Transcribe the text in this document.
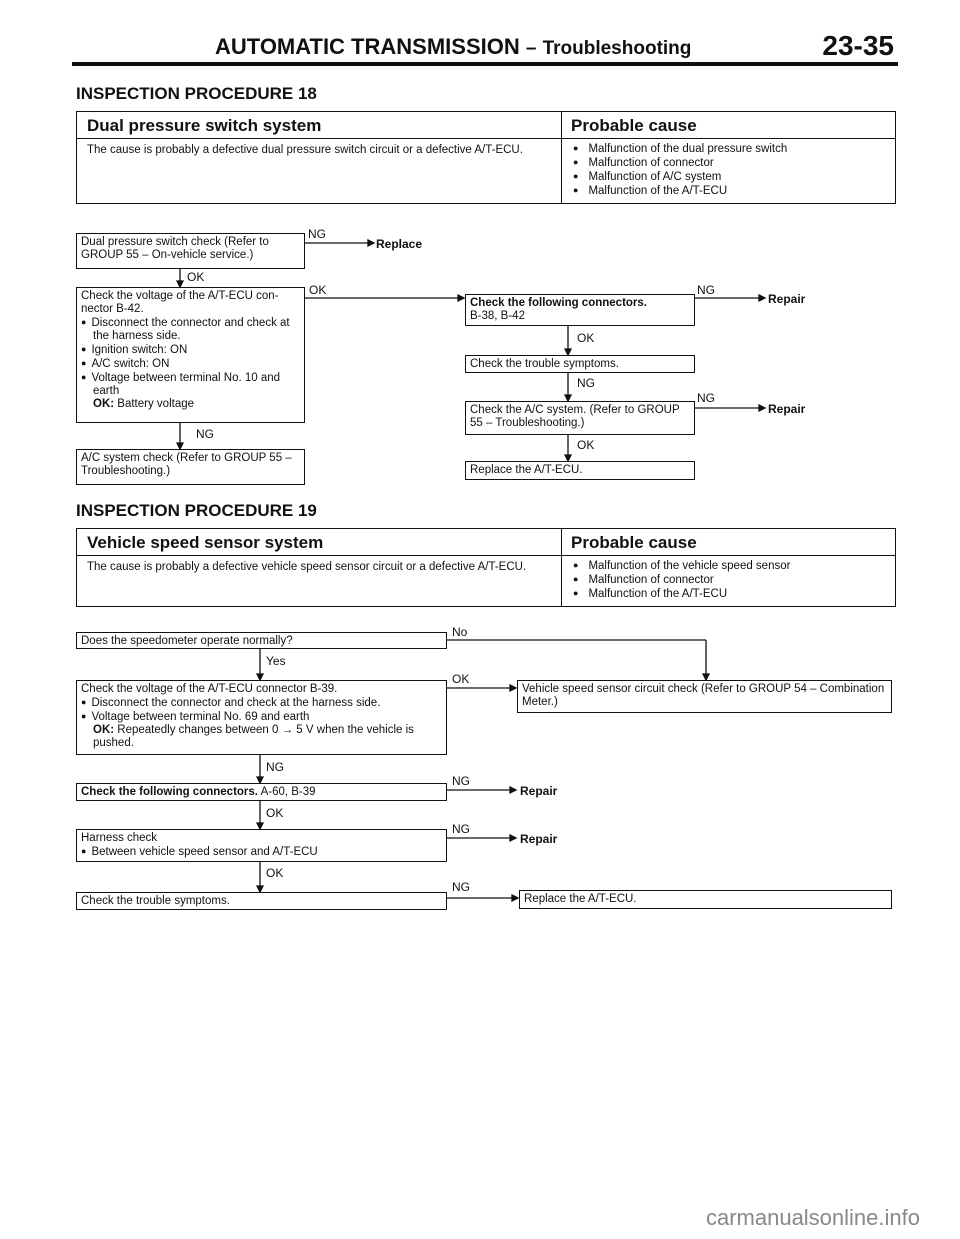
AUTOMATIC TRANSMISSION – Troubleshooting	23-35
INSPECTION PROCEDURE 18
Dual pressure switch system	Probable cause
The cause is probably a defective dual pressure switch circuit or a defective A/T-ECU.	● Malfunction of the dual pressure switch
● Malfunction of connector
● Malfunction of A/C system
● Malfunction of the A/T-ECU
Dual pressure switch check (Refer to GROUP 55 – On-vehicle service.)
Check the voltage of the A/T-ECU con-
nector B-42.
● Disconnect the connector and check at the harness side.
● Ignition switch: ON
● A/C switch: ON
● Voltage between terminal No. 10 and earth
OK: Battery voltage
A/C system check (Refer to GROUP 55 – Troubleshooting.)
Check the following connectors.
B-38, B-42
Check the trouble symptoms.
Check the A/C system. (Refer to GROUP 55 – Troubleshooting.)
Replace the A/T-ECU.
NG
Replace
OK
OK	NG
Repair
OK
NG
NG
Repair
NG
OK
INSPECTION PROCEDURE 19
Vehicle speed sensor system	Probable cause
The cause is probably a defective vehicle speed sensor circuit or a defective A/T-ECU.	● Malfunction of the vehicle speed sensor
● Malfunction of connector
● Malfunction of the A/T-ECU
Does the speedometer operate normally?
Check the voltage of the A/T-ECU connector B-39.
● Disconnect the connector and check at the harness side.
● Voltage between terminal No. 69 and earth
OK: Repeatedly changes between 0 → 5 V when the vehicle is pushed.
Check the following connectors. A-60, B-39
Harness check
● Between vehicle speed sensor and A/T-ECU
Check the trouble symptoms.
Vehicle speed sensor circuit check (Refer to GROUP 54 – Combination Meter.)
Replace the A/T-ECU.
No
Yes
OK
NG
NG
Repair
OK
NG
Repair
OK
NG
carmanualsonline.info
